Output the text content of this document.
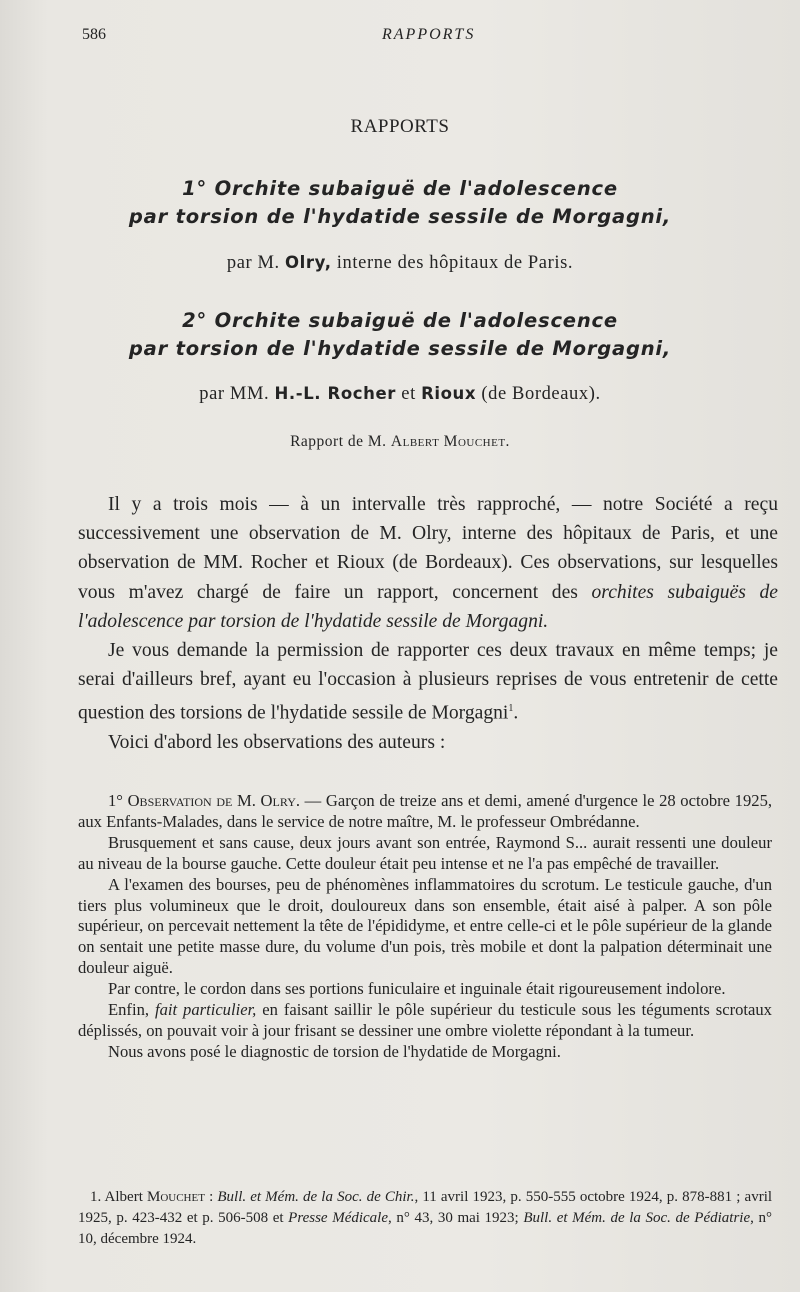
586	RAPPORTS
RAPPORTS
1° Orchite subaiguë de l'adolescence
par torsion de l'hydatide sessile de Morgagni,
par M. Olry, interne des hôpitaux de Paris.
2° Orchite subaiguë de l'adolescence
par torsion de l'hydatide sessile de Morgagni,
par MM. H.-L. Rocher et Rioux (de Bordeaux).
Rapport de M. Albert Mouchet.

Il y a trois mois — à un intervalle très rapproché, — notre Société a reçu successivement une observation de M. Olry, interne des hôpitaux de Paris, et une observation de MM. Rocher et Rioux (de Bordeaux). Ces observations, sur lesquelles vous m'avez chargé de faire un rapport, concernent des orchites subaiguës de l'adolescence par torsion de l'hydatide sessile de Morgagni.

Je vous demande la permission de rapporter ces deux travaux en même temps; je serai d'ailleurs bref, ayant eu l'occasion à plusieurs reprises de vous entretenir de cette question des torsions de l'hydatide sessile de Morgagni$^1$.

Voici d'abord les observations des auteurs :

1° Observation de M. Olry. — Garçon de treize ans et demi, amené d'urgence le 28 octobre 1925, aux Enfants-Malades, dans le service de notre maître, M. le professeur Ombrédanne.

Brusquement et sans cause, deux jours avant son entrée, Raymond S... aurait ressenti une douleur au niveau de la bourse gauche. Cette douleur était peu intense et ne l'a pas empêché de travailler.

A l'examen des bourses, peu de phénomènes inflammatoires du scrotum. Le testicule gauche, d'un tiers plus volumineux que le droit, douloureux dans son ensemble, était aisé à palper. A son pôle supérieur, on percevait nettement la tête de l'épididyme, et entre celle-ci et le pôle supérieur de la glande on sentait une petite masse dure, du volume d'un pois, très mobile et dont la palpation déterminait une douleur aiguë.

Par contre, le cordon dans ses portions funiculaire et inguinale était rigoureusement indolore.

Enfin, fait particulier, en faisant saillir le pôle supérieur du testicule sous les téguments scrotaux déplissés, on pouvait voir à jour frisant se dessiner une ombre violette répondant à la tumeur.

Nous avons posé le diagnostic de torsion de l'hydatide de Morgagni.

1. Albert Mouchet : Bull. et Mém. de la Soc. de Chir., 11 avril 1923, p. 550-555 octobre 1924, p. 878-881 ; avril 1925, p. 423-432 et p. 506-508 et Presse Médicale, n° 43, 30 mai 1923; Bull. et Mém. de la Soc. de Pédiatrie, n° 10, décembre 1924.
